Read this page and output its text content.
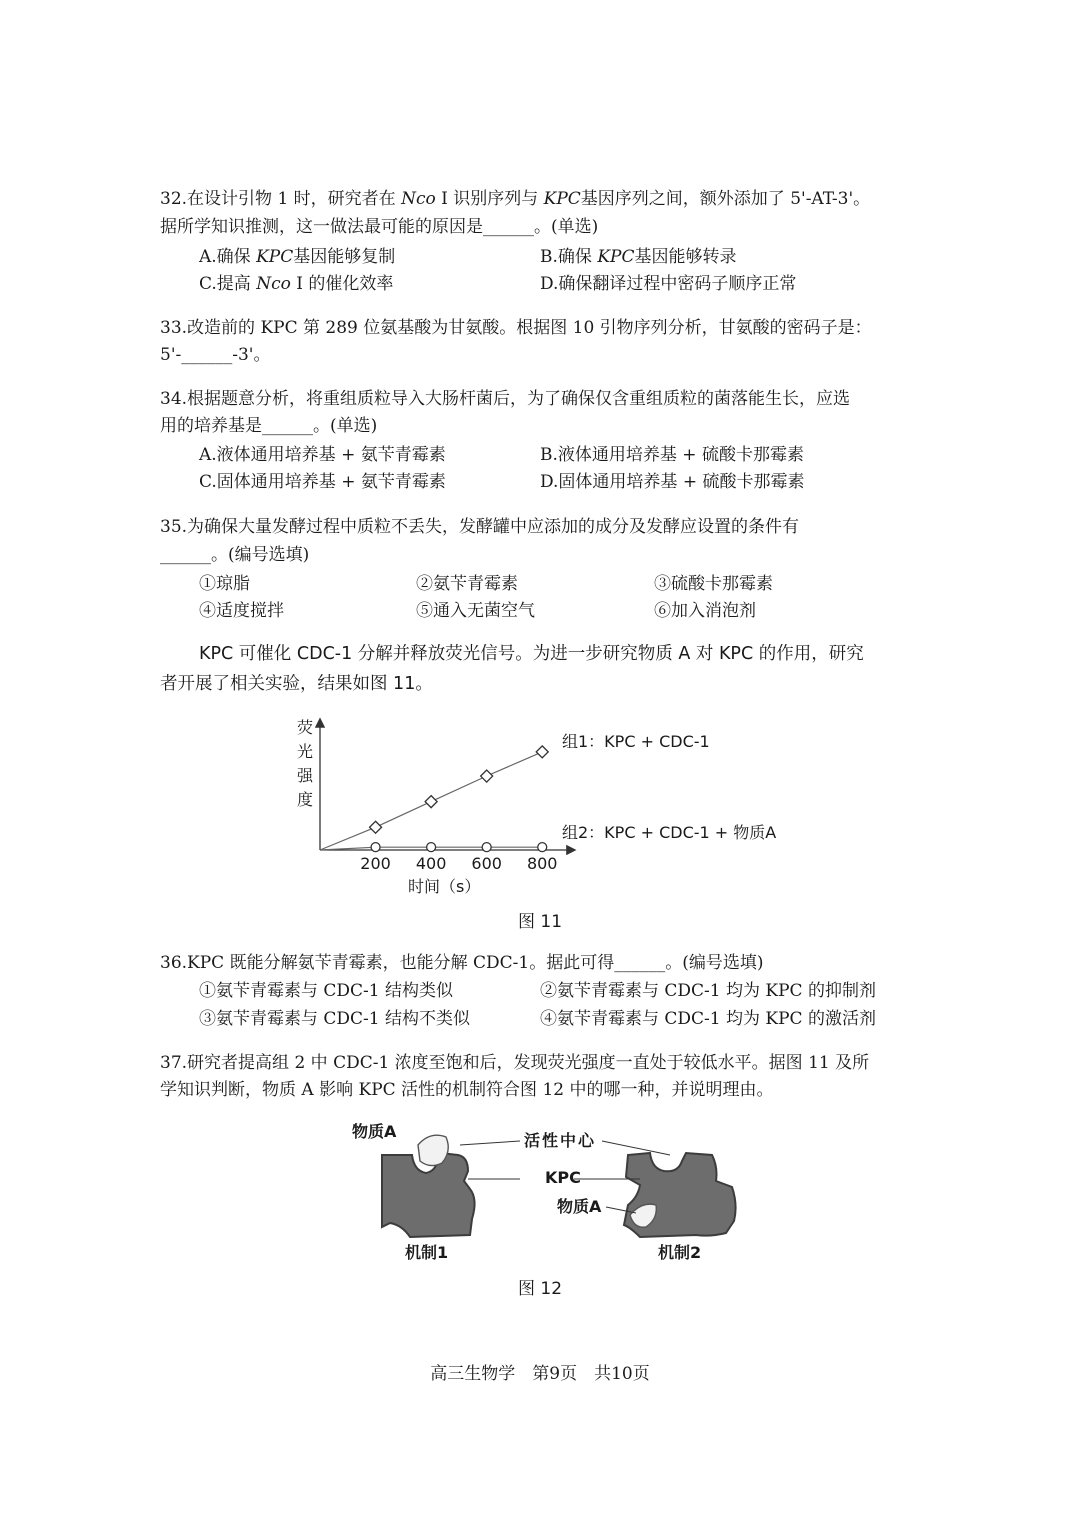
32.在设计引物 1 时，研究者在 Nco I 识别序列与 KPC基因序列之间，额外添加了 5'-AT-3'。
据所学知识推测，这一做法最可能的原因是______。(单选)
A.确保 KPC基因能够复制	B.确保 KPC基因能够转录
C.提高 Nco I 的催化效率	D.确保翻译过程中密码子顺序正常
33.改造前的 KPC 第 289 位氨基酸为甘氨酸。根据图 10 引物序列分析，甘氨酸的密码子是：
5'-______-3'。
34.根据题意分析，将重组质粒导入大肠杆菌后，为了确保仅含重组质粒的菌落能生长，应选
用的培养基是______。(单选)
A.液体通用培养基 + 氨苄青霉素	B.液体通用培养基 + 硫酸卡那霉素
C.固体通用培养基 + 氨苄青霉素	D.固体通用培养基 + 硫酸卡那霉素
35.为确保大量发酵过程中质粒不丢失，发酵罐中应添加的成分及发酵应设置的条件有
______。(编号选填)
①琼脂	②氨苄青霉素	③硫酸卡那霉素
④适度搅拌	⑤通入无菌空气	⑥加入消泡剂
KPC 可催化 CDC-1 分解并释放荧光信号。为进一步研究物质 A 对 KPC 的作用，研究
者开展了相关实验，结果如图 11。
200 400 600 800
荧
光
强
度
时间（s）
组1：KPC + CDC-1
组2：KPC + CDC-1 + 物质A
图 11
36.KPC 既能分解氨苄青霉素，也能分解 CDC-1。据此可得______。(编号选填)
①氨苄青霉素与 CDC-1 结构类似	②氨苄青霉素与 CDC-1 均为 KPC 的抑制剂
③氨苄青霉素与 CDC-1 结构不类似	④氨苄青霉素与 CDC-1 均为 KPC 的激活剂
37.研究者提高组 2 中 CDC-1 浓度至饱和后，发现荧光强度一直处于较低水平。据图 11 及所
学知识判断，物质 A 影响 KPC 活性的机制符合图 12 中的哪一种，并说明理由。
物质A	活性中心
KPC
物质A
机制1	机制2
图 12
高三生物学　第9页　共10页
